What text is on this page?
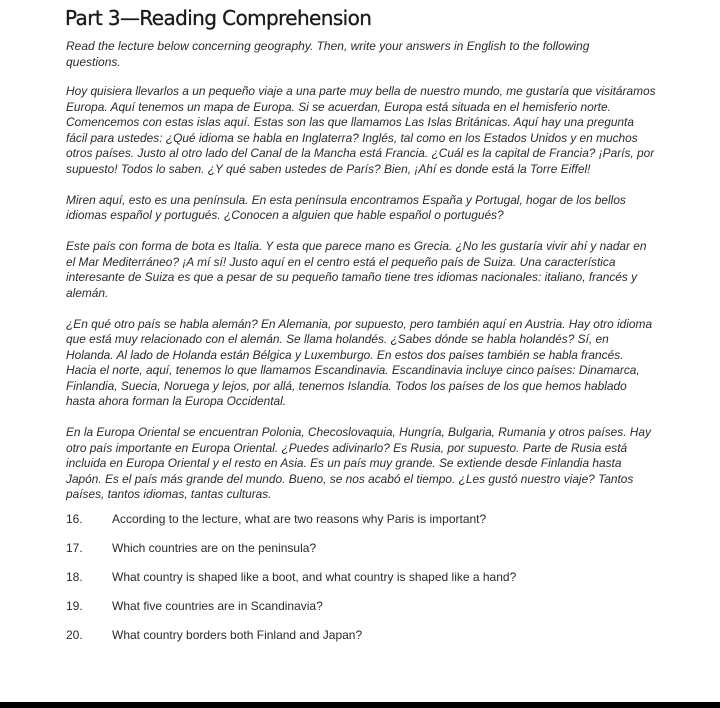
Part 3—Reading Comprehension

Read the lecture below concerning geography. Then, write your answers in English to the following questions.

Hoy quisiera llevarlos a un pequeño viaje a una parte muy bella de nuestro mundo, me gustaría que visitáramos Europa. Aquí tenemos un mapa de Europa. Si se acuerdan, Europa está situada en el hemisferio norte. Comencemos con estas islas aquí. Estas son las que llamamos Las Islas Británicas. Aquí hay una pregunta fácil para ustedes: ¿Qué idioma se habla en Inglaterra? Inglés, tal como en los Estados Unidos y en muchos otros países. Justo al otro lado del Canal de la Mancha está Francia. ¿Cuál es la capital de Francia? ¡París, por supuesto! Todos lo saben. ¿Y qué saben ustedes de París? Bien, ¡Ahí es donde está la Torre Eiffel!

Miren aquí, esto es una península. En esta península encontramos España y Portugal, hogar de los bellos idiomas español y portugués. ¿Conocen a alguien que hable español o portugués?

Este país con forma de bota es Italia. Y esta que parece mano es Grecia. ¿No les gustaría vivir ahí y nadar en el Mar Mediterráneo? ¡A mí sí! Justo aquí en el centro está el pequeño país de Suiza. Una característica interesante de Suiza es que a pesar de su pequeño tamaño tiene tres idiomas nacionales: italiano, francés y alemán.

¿En qué otro país se habla alemán? En Alemania, por supuesto, pero también aquí en Austria. Hay otro idioma que está muy relacionado con el alemán. Se llama holandés. ¿Sabes dónde se habla holandés? Sí, en Holanda. Al lado de Holanda están Bélgica y Luxemburgo. En estos dos países también se habla francés. Hacia el norte, aquí, tenemos lo que llamamos Escandinavia. Escandinavia incluye cinco países: Dinamarca, Finlandia, Suecia, Noruega y lejos, por allá, tenemos Islandia. Todos los países de los que hemos hablado hasta ahora forman la Europa Occidental.

En la Europa Oriental se encuentran Polonia, Checoslovaquia, Hungría, Bulgaria, Rumania y otros países. Hay otro país importante en Europa Oriental. ¿Puedes adivinarlo? Es Rusia, por supuesto. Parte de Rusia está incluida en Europa Oriental y el resto en Asia. Es un país muy grande. Se extiende desde Finlandia hasta Japón. Es el país más grande del mundo. Bueno, se nos acabó el tiempo. ¿Les gustó nuestro viaje? Tantos países, tantos idiomas, tantas culturas.

16.	According to the lecture, what are two reasons why Paris is important?
17.	Which countries are on the peninsula?
18.	What country is shaped like a boot, and what country is shaped like a hand?
19.	What five countries are in Scandinavia?
20.	What country borders both Finland and Japan?
